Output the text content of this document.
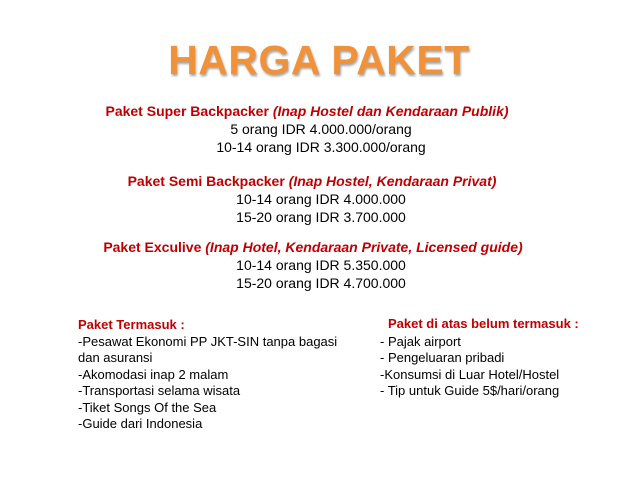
HARGA PAKET
Paket Super Backpacker (Inap Hostel dan Kendaraan Publik)
5 orang IDR 4.000.000/orang
10-14 orang IDR 3.300.000/orang
Paket Semi Backpacker (Inap Hostel, Kendaraan Privat)
10-14 orang IDR 4.000.000
15-20 orang IDR 3.700.000
Paket Exculive (Inap Hotel, Kendaraan Private, Licensed guide)
10-14 orang IDR 5.350.000
15-20 orang IDR 4.700.000
Paket Termasuk :
-Pesawat Ekonomi PP JKT-SIN tanpa bagasi
dan asuransi
-Akomodasi inap 2 malam
-Transportasi selama wisata
-Tiket Songs Of the Sea
-Guide dari Indonesia
Paket di atas belum termasuk :
- Pajak airport
- Pengeluaran pribadi
-Konsumsi di Luar Hotel/Hostel
- Tip untuk Guide 5$/hari/orang
